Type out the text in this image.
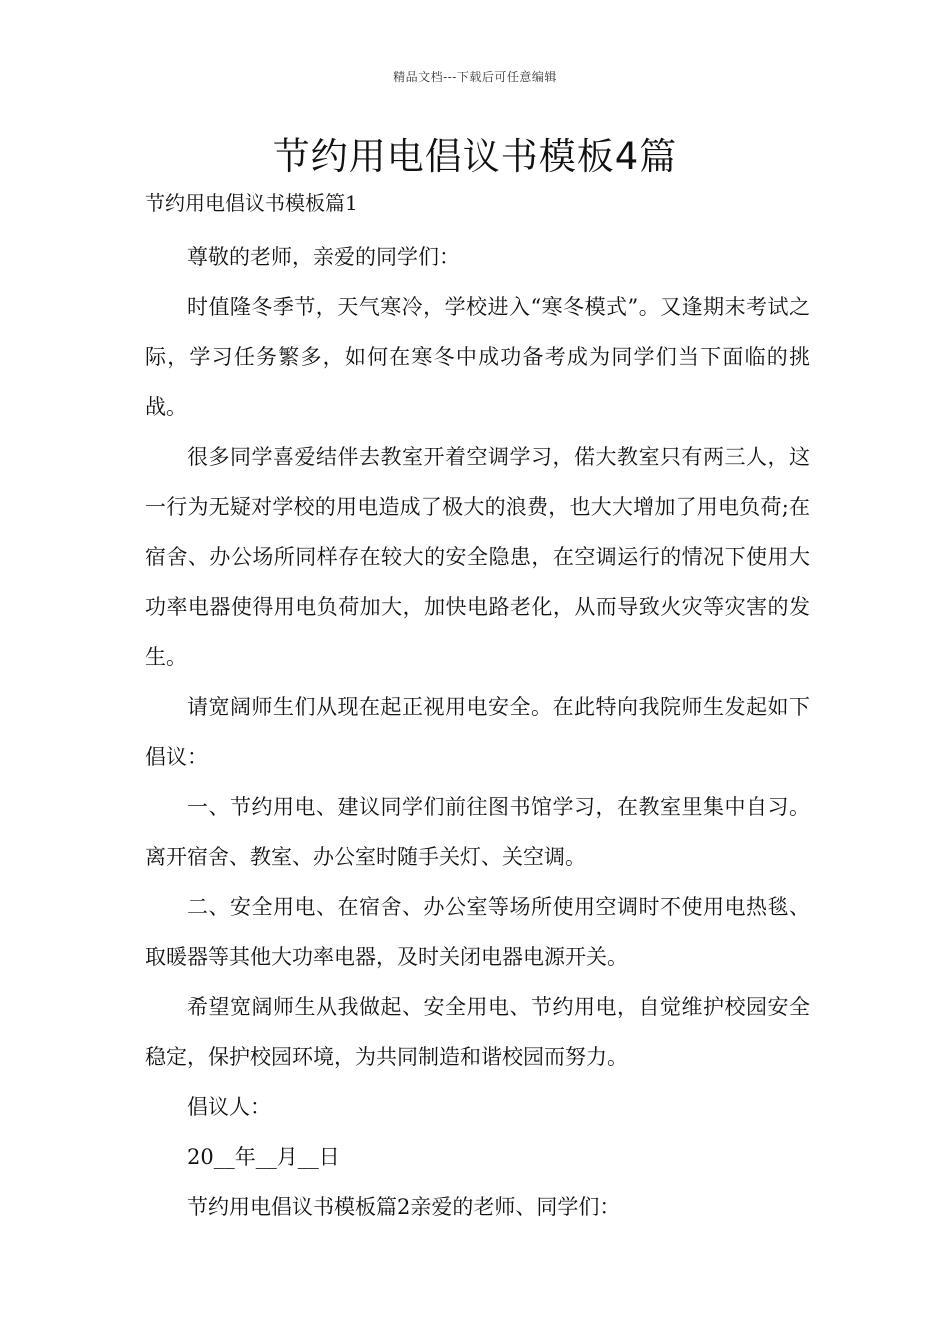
精品文档---下载后可任意编辑
节约用电倡议书模板4篇
节约用电倡议书模板篇1

尊敬的老师，亲爱的同学们：

时值隆冬季节，天气寒冷，学校进入“寒冬模式”。又逢期末考试之际，学习任务繁多，如何在寒冬中成功备考成为同学们当下面临的挑战。

很多同学喜爱结伴去教室开着空调学习，偌大教室只有两三人，这一行为无疑对学校的用电造成了极大的浪费，也大大增加了用电负荷;在宿舍、办公场所同样存在较大的安全隐患，在空调运行的情况下使用大功率电器使得用电负荷加大，加快电路老化，从而导致火灾等灾害的发生。

请宽阔师生们从现在起正视用电安全。在此特向我院师生发起如下倡议：

一、节约用电、建议同学们前往图书馆学习，在教室里集中自习。离开宿舍、教室、办公室时随手关灯、关空调。

二、安全用电、在宿舍、办公室等场所使用空调时不使用电热毯、取暖器等其他大功率电器，及时关闭电器电源开关。

希望宽阔师生从我做起、安全用电、节约用电，自觉维护校园安全稳定，保护校园环境，为共同制造和谐校园而努力。

倡议人：

20__年__月__日

节约用电倡议书模板篇2亲爱的老师、同学们：
